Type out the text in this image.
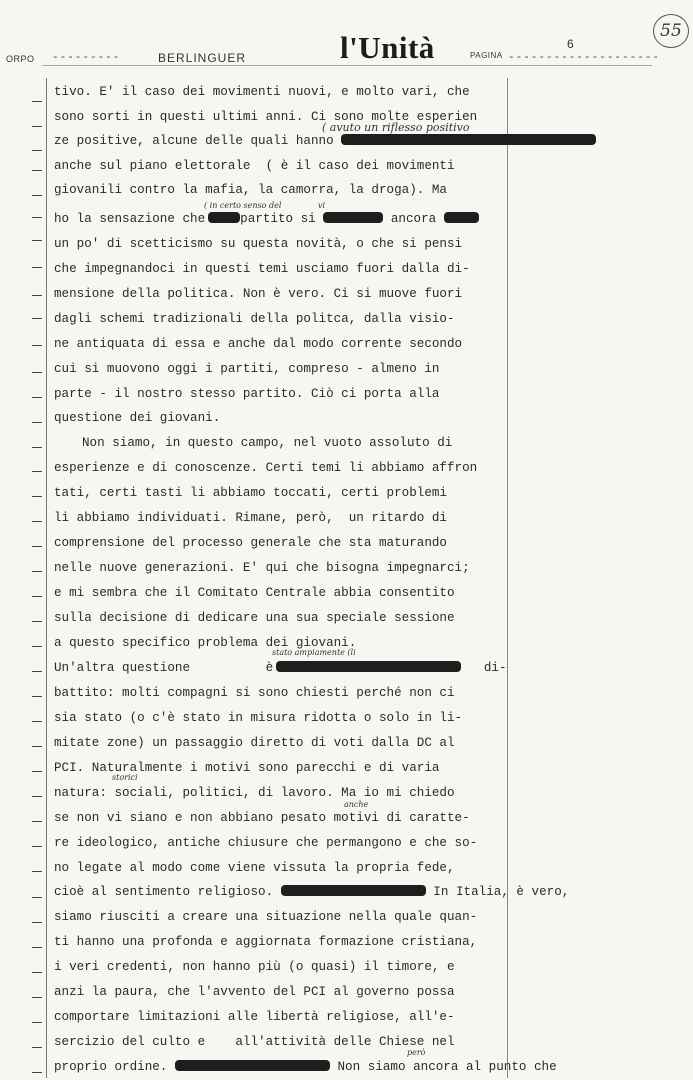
ORPO ---------	BERLINGUER	l'Unità	PAGINA --------------------
6
55
tivo. E' il caso dei movimenti nuovi, e molto vari, che
sono sorti in questi ultimi anni. Ci sono molte esperien
ze positive, alcune delle quali hanno
anche sul piano elettorale  ( è il caso dei movimenti
giovanili contro la mafia, la camorra, la droga). Ma
ho la sensazione che	partito si	ancora
un po' di scetticismo su questa novità, o che si pensi
che impegnandoci in questi temi usciamo fuori dalla di-
mensione della politica. Non è vero. Ci si muove fuori
dagli schemi tradizionali della politca, dalla visio-
ne antiquata di essa e anche dal modo corrente secondo
cui si muovono oggi i partiti, compreso - almeno in
parte - il nostro stesso partito. Ciò ci porta alla
questione dei giovani.
Non siamo, in questo campo, nel vuoto assoluto di
esperienze e di conoscenze. Certi temi li abbiamo affron
tati, certi tasti li abbiamo toccati, certi problemi
li abbiamo individuati. Rimane, però,  un ritardo di
comprensione del processo generale che sta maturando
nelle nuove generazioni. E' qui che bisogna impegnarci;
e mi sembra che il Comitato Centrale abbia consentito
sulla decisione di dedicare una sua speciale sessione
a questo specifico problema dei giovani.
Un'altra questione	è	di-
battito: molti compagni si sono chiesti perché non ci
sia stato (o c'è stato in misura ridotta o solo in li-
mitate zone) un passaggio diretto di voti dalla DC al
PCI. Naturalmente i motivi sono parecchi e di varia
natura: sociali, politici, di lavoro. Ma io mi chiedo
se non vi siano e non abbiano pesato motivi di caratte-
re ideologico, antiche chiusure che permangono e che so-
no legate al modo come viene vissuta la propria fede,
cioè al sentimento religioso.	In Italia, è vero,
siamo riusciti a creare una situazione nella quale quan-
ti hanno una profonda e aggiornata formazione cristiana,
i veri credenti, non hanno più (o quasi) il timore, e
anzi la paura, che l'avvento del PCI al governo possa
comportare limitazioni alle libertà religiose, all'e-
sercizio del culto e    all'attività delle Chiese nel
proprio ordine.	Non siamo ancora al punto che
( avuto un riflesso positivo
( in certo senso del	vi
stato ampiamente (li
storici
anche
però
